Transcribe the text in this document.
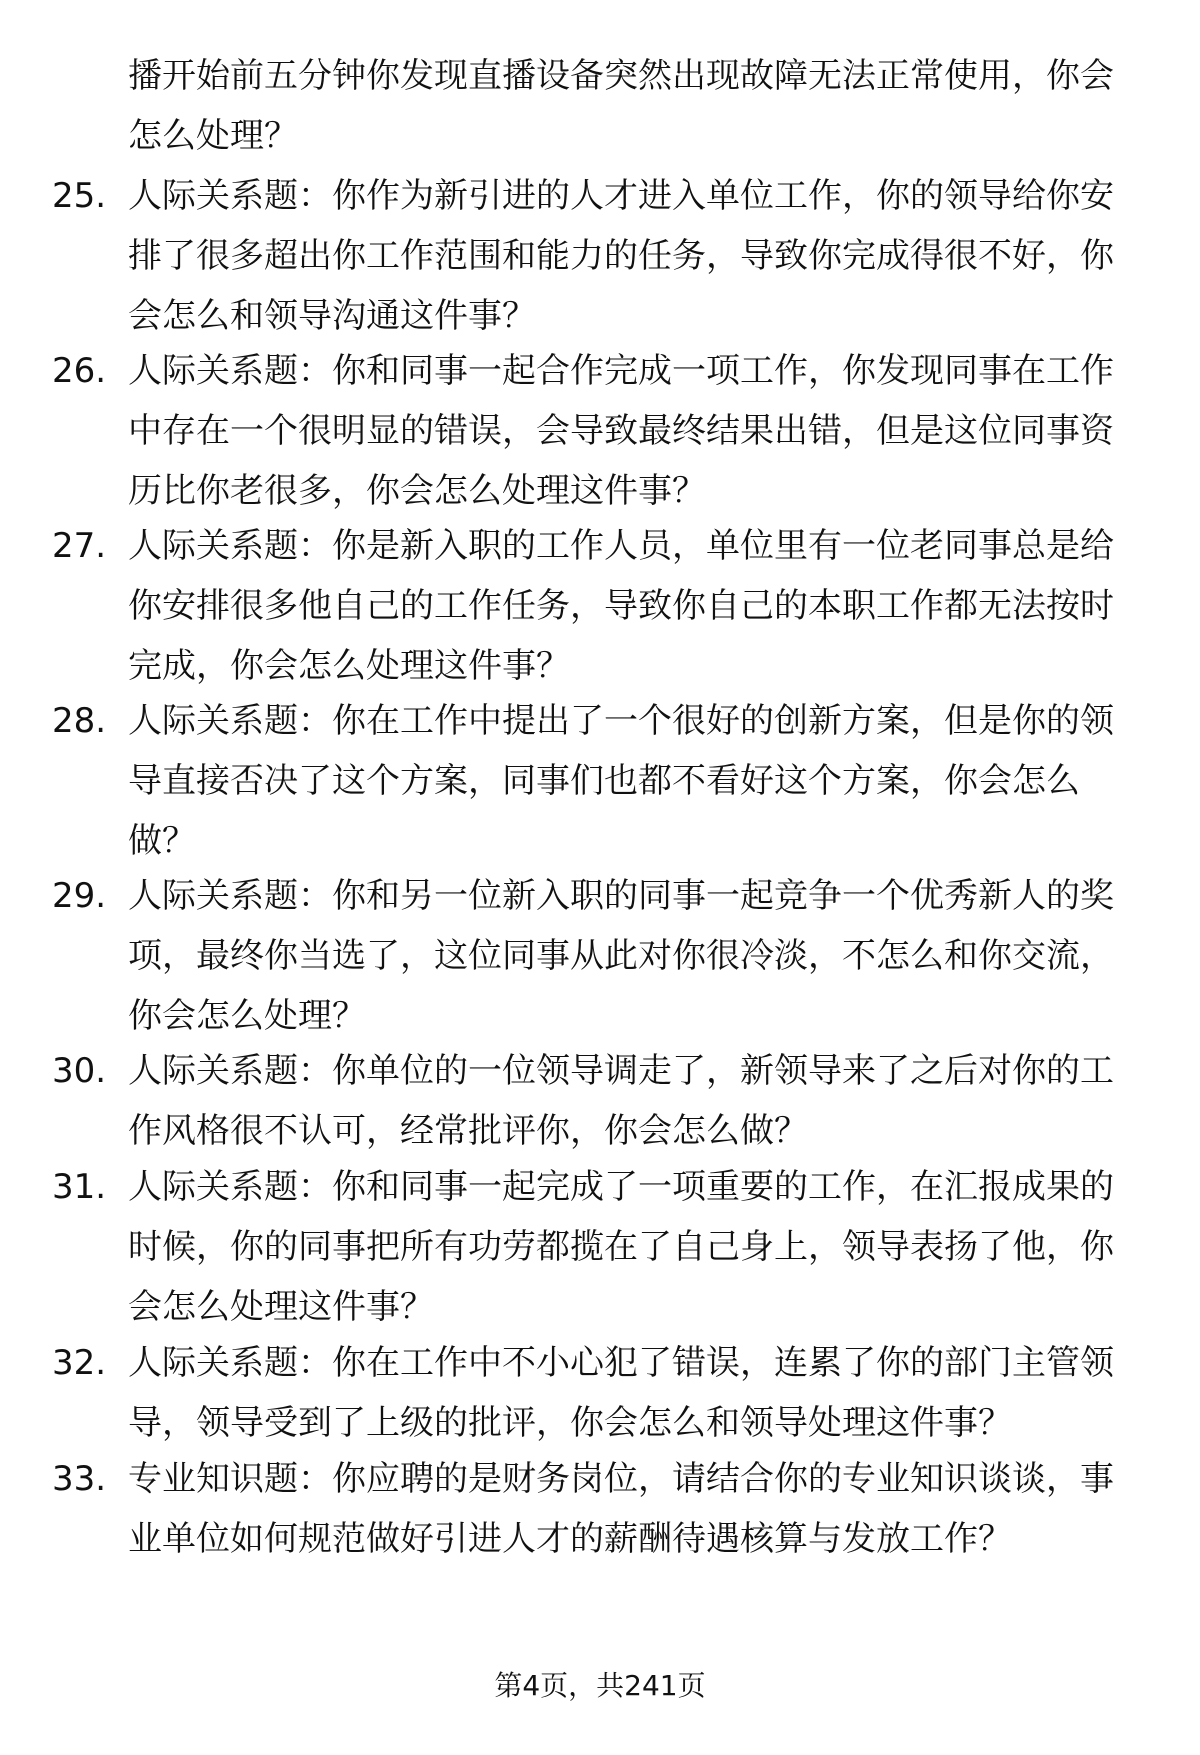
播开始前五分钟你发现直播设备突然出现故障无法正常使用，你会怎么处理？

25. 人际关系题：你作为新引进的人才进入单位工作，你的领导给你安排了很多超出你工作范围和能力的任务，导致你完成得很不好，你会怎么和领导沟通这件事？

26. 人际关系题：你和同事一起合作完成一项工作，你发现同事在工作中存在一个很明显的错误，会导致最终结果出错，但是这位同事资历比你老很多，你会怎么处理这件事？

27. 人际关系题：你是新入职的工作人员，单位里有一位老同事总是给你安排很多他自己的工作任务，导致你自己的本职工作都无法按时完成，你会怎么处理这件事？

28. 人际关系题：你在工作中提出了一个很好的创新方案，但是你的领导直接否决了这个方案，同事们也都不看好这个方案，你会怎么做？

29. 人际关系题：你和另一位新入职的同事一起竞争一个优秀新人的奖项，最终你当选了，这位同事从此对你很冷淡，不怎么和你交流，你会怎么处理？

30. 人际关系题：你单位的一位领导调走了，新领导来了之后对你的工作风格很不认可，经常批评你，你会怎么做？

31. 人际关系题：你和同事一起完成了一项重要的工作，在汇报成果的时候，你的同事把所有功劳都揽在了自己身上，领导表扬了他，你会怎么处理这件事？

32. 人际关系题：你在工作中不小心犯了错误，连累了你的部门主管领导，领导受到了上级的批评，你会怎么和领导处理这件事？

33. 专业知识题：你应聘的是财务岗位，请结合你的专业知识谈谈，事业单位如何规范做好引进人才的薪酬待遇核算与发放工作？

第4页，共241页
